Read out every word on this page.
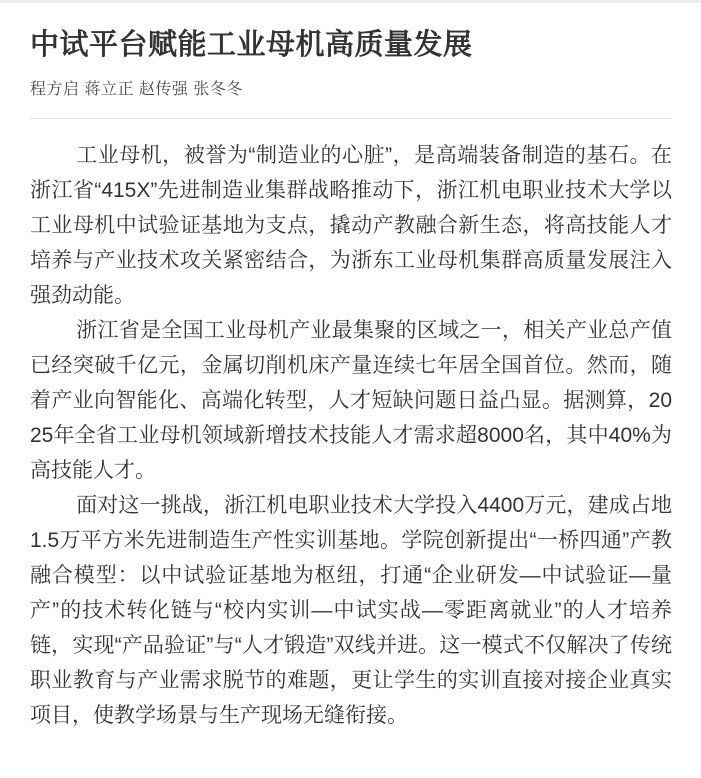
中试平台赋能工业母机高质量发展
程方启 蒋立正 赵传强 张冬冬

工业母机，被誉为“制造业的心脏”，是高端装备制造的基石。在浙江省“415X”先进制造业集群战略推动下，浙江机电职业技术大学以工业母机中试验证基地为支点，撬动产教融合新生态，将高技能人才培养与产业技术攻关紧密结合，为浙东工业母机集群高质量发展注入强劲动能。

浙江省是全国工业母机产业最集聚的区域之一，相关产业总产值已经突破千亿元，金属切削机床产量连续七年居全国首位。然而，随着产业向智能化、高端化转型，人才短缺问题日益凸显。据测算，2025年全省工业母机领域新增技术技能人才需求超8000名，其中40%为高技能人才。

面对这一挑战，浙江机电职业技术大学投入4400万元，建成占地1.5万平方米先进制造生产性实训基地。学院创新提出“一桥四通”产教融合模型：以中试验证基地为枢纽，打通“企业研发—中试验证—量产”的技术转化链与“校内实训—中试实战—零距离就业”的人才培养链，实现“产品验证”与“人才锻造”双线并进。这一模式不仅解决了传统职业教育与产业需求脱节的难题，更让学生的实训直接对接企业真实项目，使教学场景与生产现场无缝衔接。
